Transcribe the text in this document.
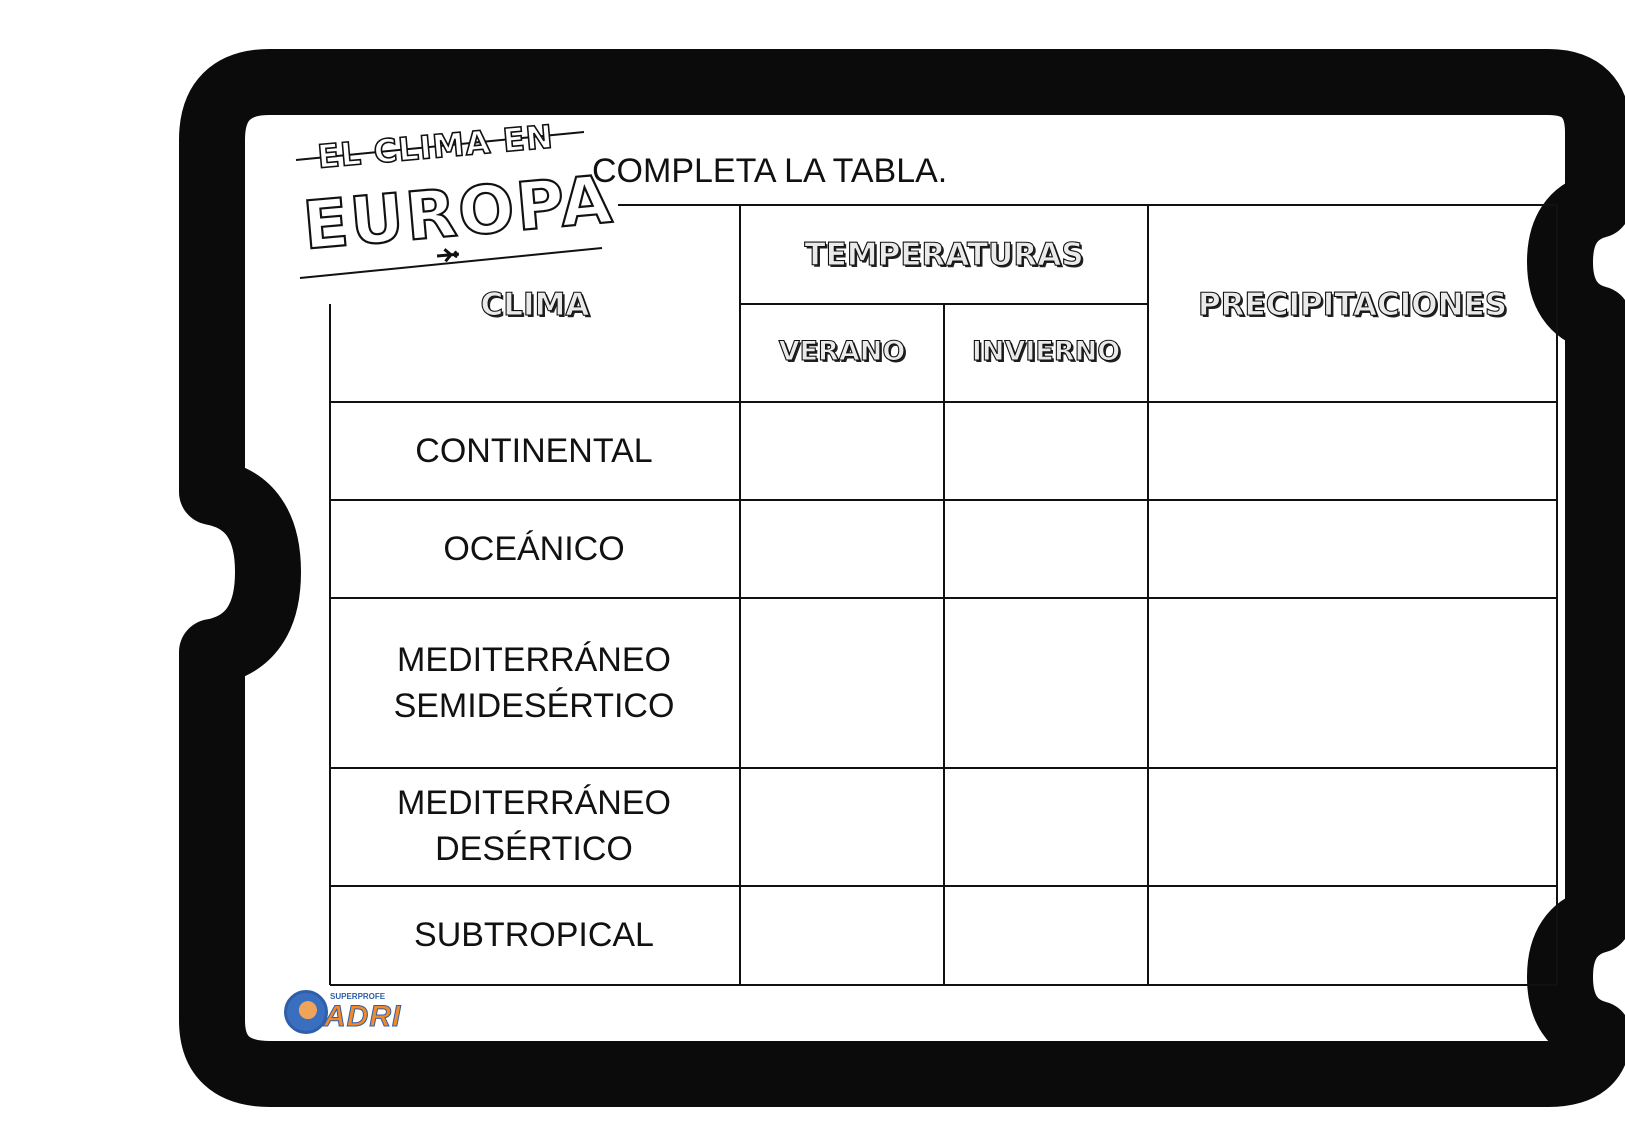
EL CLIMA EN
EUROPA
COMPLETA LA TABLA.
CLIMA
TEMPERATURAS
VERANO	INVIERNO
PRECIPITACIONES
CONTINENTAL
OCEÁNICO
MEDITERRÁNEO
SEMIDESÉRTICO
MEDITERRÁNEO
DESÉRTICO
SUBTROPICAL
SUPERPROFE
ADRI
